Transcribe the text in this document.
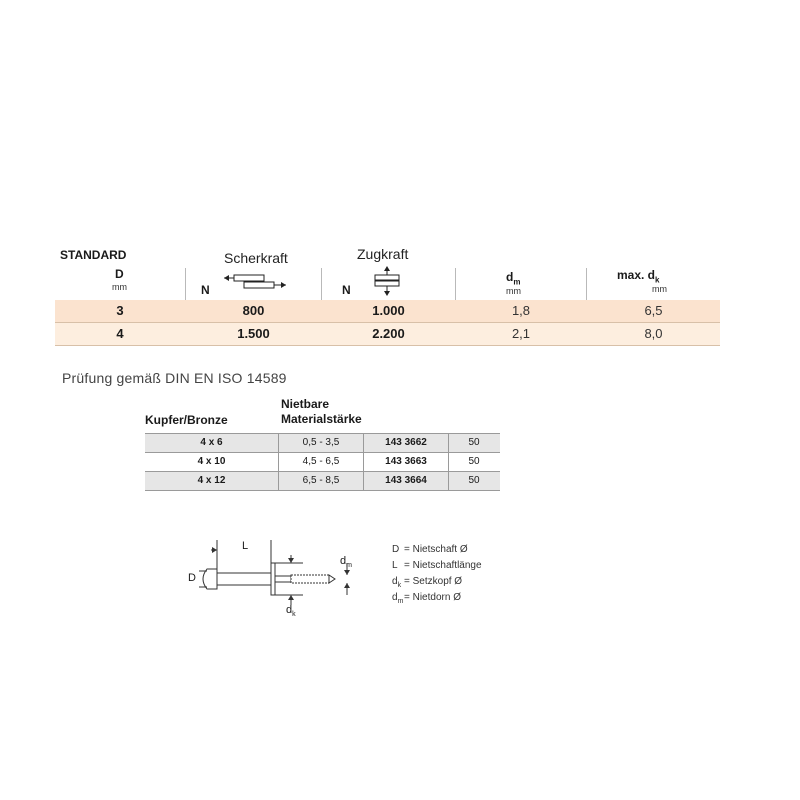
STANDARD
D
mm
Scherkraft
N
Zugkraft
N
$d_m$
mm
max. $d_k$
mm
3	800	1.000	1,8	6,5
4	1.500	2.200	2,1	8,0
Prüfung gemäß DIN EN ISO 14589
Kupfer/Bronze
Nietbare
Materialstärke
4 x 6	0,5 - 3,5	143 3662	50
4 x 10	4,5 - 6,5	143 3663	50
4 x 12	6,5 - 8,5	143 3664	50
L
D
$d_m$
$d_k$
D = Nietschaft Ø
L = Nietschaftlänge
$d_k$ = Setzkopf Ø
$d_m=$ Nietdorn Ø
